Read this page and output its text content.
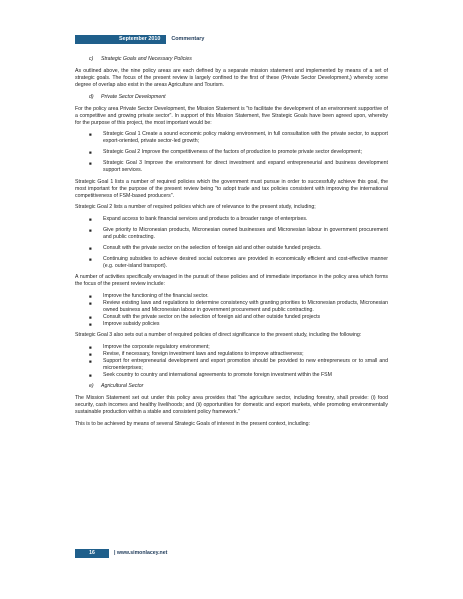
September 2010	Commentary
c) Strategic Goals and Necessary Policies

As outlined above, the nine policy areas are each defined by a separate mission statement and implemented by means of a set of strategic goals. The focus of the present review is largely confined to the first of these (Private Sector Development,) whereby some degree of overlap also exist in the areas Agriculture and Tourism.

d) Private Sector Development

For the policy area Private Sector Development, the Mission Statement is "to facilitate the development of an environment supportive of a competitive and growing private sector". In support of this Mission Statement, five Strategic Goals have been agreed upon, whereby for the purpose of this project, the most important would be:

■ Strategic Goal 1 Create a sound economic policy making environment, in full consultation with the private sector, to support export-oriented, private sector-led growth;
■ Strategic Goal 2 Improve the competitiveness of the factors of production to promote private sector development;
■ Strategic Goal 3 Improve the environment for direct investment and expand entrepreneurial and business development support services.

Strategic Goal 1 lists a number of required policies which the government must pursue in order to successfully achieve this goal, the most important for the purpose of the present review being "to adopt trade and tax policies consistent with improving the international competitiveness of FSM-based producers".

Strategic Goal 2 lists a number of required policies which are of relevance to the present study, including;

■ Expand access to bank financial services and products to a broader range of enterprises.
■ Give priority to Micronesian products, Micronesian owned businesses and Micronesian labour in government procurement and public contracting.
■ Consult with the private sector on the selection of foreign aid and other outside funded projects.
■ Continuing subsidies to achieve desired social outcomes are provided in economically efficient and cost-effective manner (e.g. outer-island transport).

A number of activities specifically envisaged in the pursuit of these policies and of immediate importance in the policy area which forms the focus of the present review include:

■ Improve the functioning of the financial sector.
■ Review existing laws and regulations to determine consistency with granting priorities to Micronesian products, Micronesian owned business and Micronesian labour in government procurement and public contracting.
■ Consult with the private sector on the selection of foreign aid and other outside funded projects
■ Improve subsidy policies

Strategic Goal 3 also sets out a number of required policies of direct significance to the present study, including the following:

■ Improve the corporate regulatory environment;
■ Revise, if necessary, foreign investment laws and regulations to improve attractiveness;
■ Support for entrepreneurial development and export promotion should be provided to new entrepreneurs or to small and microenterprises;
■ Seek country to country and international agreements to promote foreign investment within the FSM
e) Agricultural Sector

The Mission Statement set out under this policy area provides that "the agriculture sector, including forestry, shall provide: (i) food security, cash incomes and healthy livelihoods; and (ii) opportunities for domestic and export markets, while promoting environmentally sustainable production within a stable and consistent policy framework."

This is to be achieved by means of several Strategic Goals of interest in the present context, including:

16	| www.simonlacey.net
